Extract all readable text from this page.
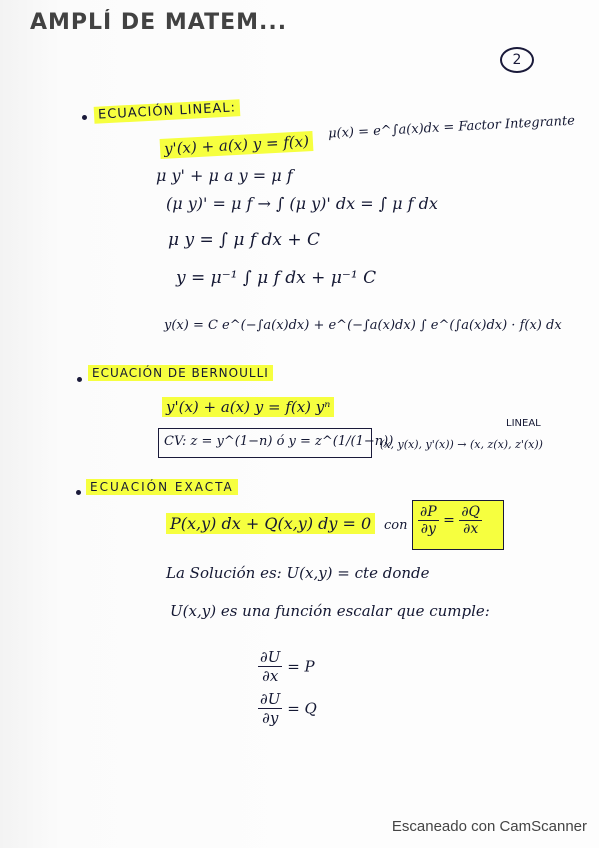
AMPLÍ DE MATEM...
2
ECUACIÓN LINEAL:
μ(x) = e^∫a(x)dx = Factor Integrante
y'(x) + a(x) y = f(x)
μ y' + μ a y = μ f
(μ y)' = μ f → ∫ (μ y)' dx = ∫ μ f dx
μ y = ∫ μ f dx + C
y = μ⁻¹ ∫ μ f dx + μ⁻¹ C
y(x) = C e^(−∫a(x)dx) + e^(−∫a(x)dx) ∫ e^(∫a(x)dx) · f(x) dx
ECUACIÓN DE BERNOULLI
y'(x) + a(x) y = f(x) yⁿ
CV: z = y^(1−n) ó y = z^(1/(1−n))
LINEAL
(x, y(x), y'(x)) → (x, z(x), z'(x))
ECUACIÓN EXACTA
P(x,y) dx + Q(x,y) dy = 0 con $\frac{\partial P}{\partial y} = \frac{\partial Q}{\partial x}$
La Solución es: U(x,y) = cte donde
U(x,y) es una función escalar que cumple:
$\frac{\partial U}{\partial x} = P$
$\frac{\partial U}{\partial y} = Q$
Escaneado con CamScanner
